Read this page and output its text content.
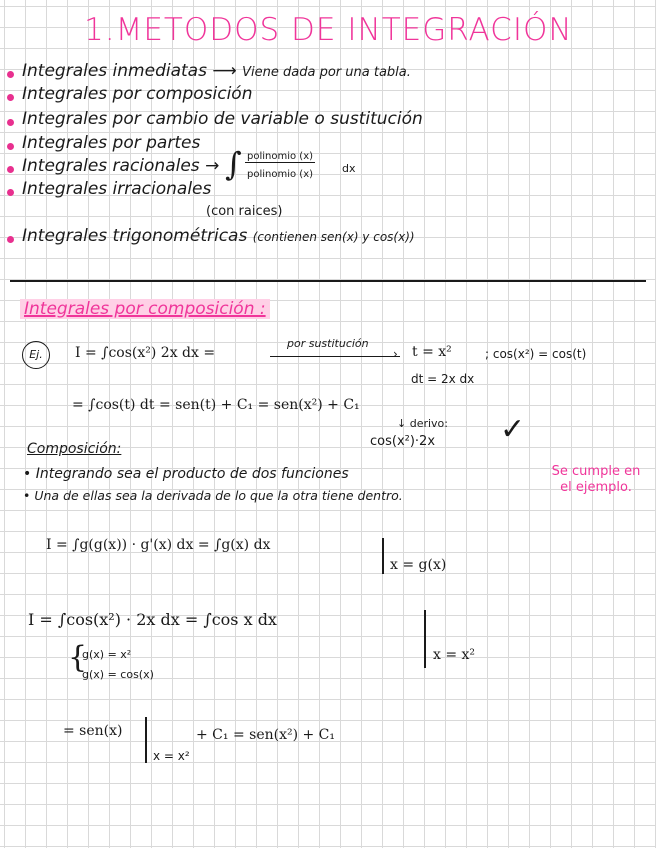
1.METODOS DE INTEGRACIÓN
Integrales inmediatas ⟶ Viene dada por una tabla.
Integrales por composición
Integrales por cambio de variable o sustitución
Integrales por partes
Integrales racionales → ∫ polinomio (x)
polinomio (x)	dx
Integrales irracionales
(con raices)
Integrales trigonométricas (contienen sen(x) y cos(x))
Integrales por composición :
Ej.	I = ∫cos(x²) 2x dx =
por sustitución
› t = x²	; cos(x²) = cos(t)
dt = 2x dx
= ∫cos(t) dt = sen(t) + C₁ = sen(x²) + C₁
↓ derivo:
cos(x²)·2x ✓
Composición:
• Integrando sea el producto de dos funciones
• Una de ellas sea la derivada de lo que la otra tiene dentro.
Se cumple en el ejemplo.
I = ∫g(g(x)) · g'(x) dx = ∫g(x) dx
x = g(x)
I = ∫cos(x²) · 2x dx = ∫cos x dx
x = x²
{
g(x) = x²
g(x) = cos(x)
= sen(x)
x = x²
+ C₁ = sen(x²) + C₁
